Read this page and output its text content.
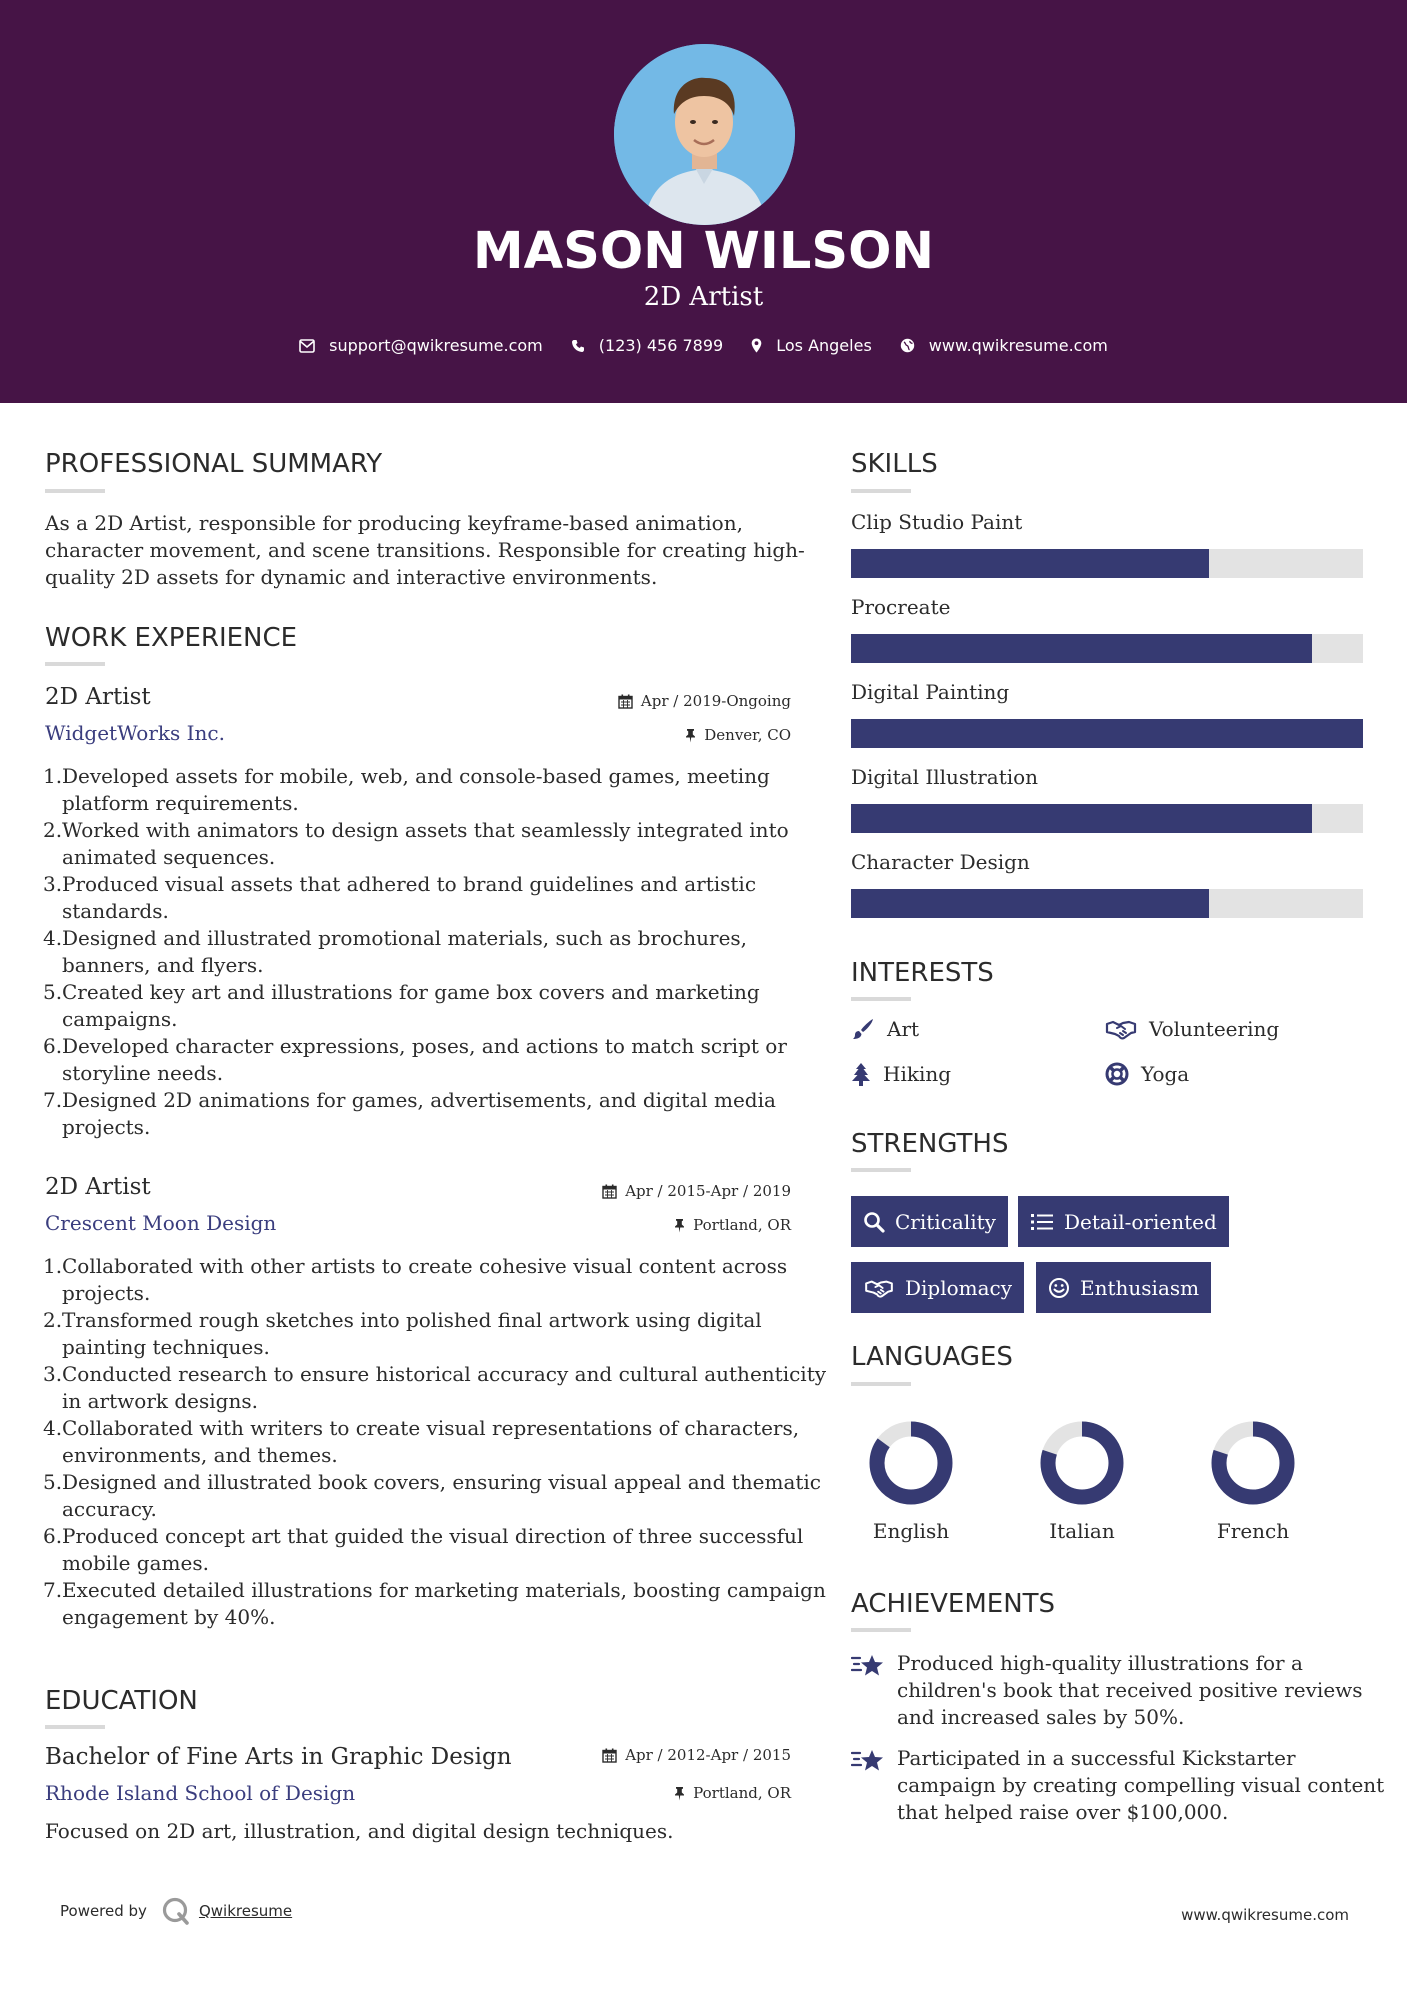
MASON WILSON
2D Artist
support@qwikresume.com	(123) 456 7899	Los Angeles	www.qwikresume.com
PROFESSIONAL SUMMARY
As a 2D Artist, responsible for producing keyframe-based animation,
character movement, and scene transitions. Responsible for creating high-
quality 2D assets for dynamic and interactive environments.
WORK EXPERIENCE
2D Artist	Apr / 2019-Ongoing
WidgetWorks Inc.	Denver, CO
1. Developed assets for mobile, web, and console-based games, meeting
platform requirements.
2. Worked with animators to design assets that seamlessly integrated into
animated sequences.
3. Produced visual assets that adhered to brand guidelines and artistic
standards.
4. Designed and illustrated promotional materials, such as brochures,
banners, and flyers.
5. Created key art and illustrations for game box covers and marketing
campaigns.
6. Developed character expressions, poses, and actions to match script or
storyline needs.
7. Designed 2D animations for games, advertisements, and digital media
projects.
2D Artist	Apr / 2015-Apr / 2019
Crescent Moon Design	Portland, OR
1. Collaborated with other artists to create cohesive visual content across
projects.
2. Transformed rough sketches into polished final artwork using digital
painting techniques.
3. Conducted research to ensure historical accuracy and cultural authenticity
in artwork designs.
4. Collaborated with writers to create visual representations of characters,
environments, and themes.
5. Designed and illustrated book covers, ensuring visual appeal and thematic
accuracy.
6. Produced concept art that guided the visual direction of three successful
mobile games.
7. Executed detailed illustrations for marketing materials, boosting campaign
engagement by 40%.
EDUCATION
Bachelor of Fine Arts in Graphic Design	Apr / 2012-Apr / 2015
Rhode Island School of Design	Portland, OR
Focused on 2D art, illustration, and digital design techniques.
SKILLS
Clip Studio Paint
Procreate
Digital Painting
Digital Illustration
Character Design
INTERESTS
Art	Volunteering
Hiking	Yoga
STRENGTHS
Criticality	Detail-oriented
Diplomacy	Enthusiasm
LANGUAGES
English	Italian	French
ACHIEVEMENTS
Produced high-quality illustrations for a
children's book that received positive reviews
and increased sales by 50%.
Participated in a successful Kickstarter
campaign by creating compelling visual content
that helped raise over $100,000.
Powered by	Qwikresume	www.qwikresume.com
